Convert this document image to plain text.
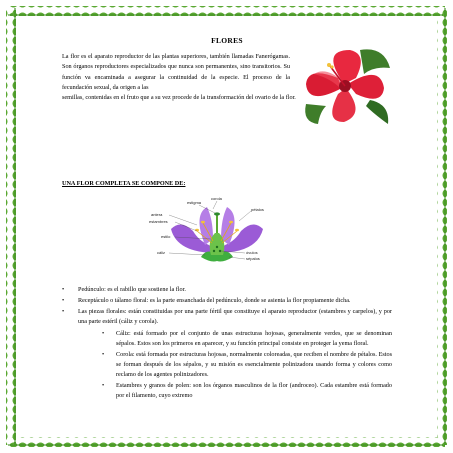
FLORES

La flor es el aparato reproductor de las plantas superiores, también llamadas Fanerógamas. Son órganos reproductores especializados que nunca son permanentes, sino transitorios. Su función va encaminada a asegurar la continuidad de la especie. El proceso de la fecundación sexual, da origen a las

semillas, contenidas en el fruto que a su vez procede de la transformación del ovario de la flor.

UNA FLOR COMPLETA SE COMPONE DE:
corola
estigma
pétalos
antera
estambres
estilo
cáliz	óvulos
sépalos
• Pedúnculo: es el rabillo que sostiene la flor.
• Receptáculo o tálamo floral: es la parte ensanchada del pedúnculo, donde se asienta la flor propiamente dicha.
• Las piezas florales: están constituidas por una parte fértil que constituye el aparato reproductor (estambres y carpelos), y por una parte estéril (cáliz y corola).
• Cáliz: está formado por el conjunto de unas estructuras hojosas, generalmente verdes, que se denominan sépalos. Estos son los primeros en aparecer, y su función principal consiste en proteger la yema floral.
• Corola: está formada por estructuras hojosas, normalmente coloreadas, que reciben el nombre de pétalos. Estos se forman después de los sépalos, y su misión es esencialmente polinizadora usando forma y colores como reclamo de los agentes polinizadores.
• Estambres y granos de polen: son los órganos masculinos de la flor (androceo). Cada estambre está formado por el filamento, cuyo extremo
